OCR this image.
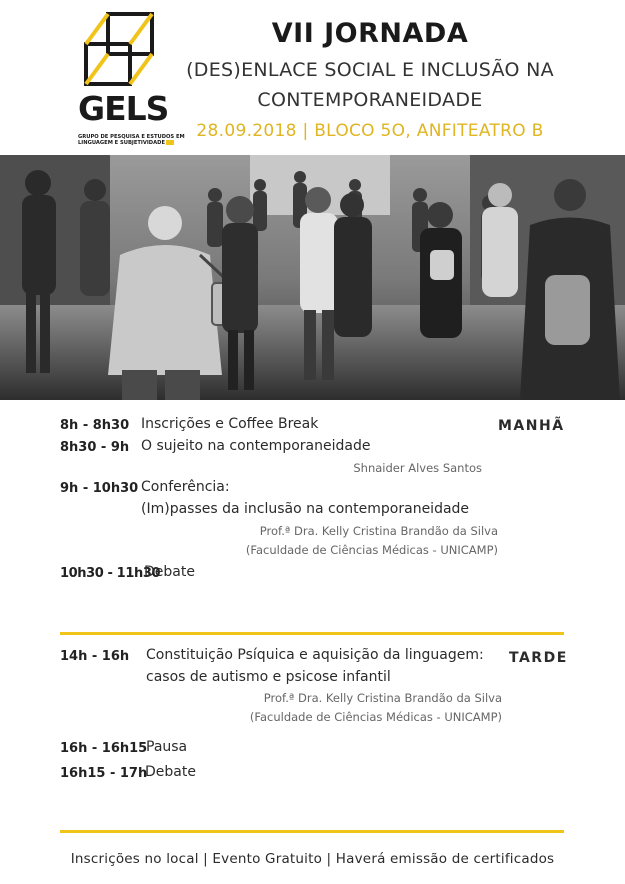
GELS
GRUPO DE PESQUISA E ESTUDOS EM
LINGUAGEM E SUBJETIVIDADE
VII JORNADA
(DES)ENLACE SOCIAL E INCLUSÃO NA
CONTEMPORANEIDADE
28.09.2018 | BLOCO 5O, ANFITEATRO B
MANHÃ
8h - 8h30 Inscrições e Coffee Break
8h30 - 9h O sujeito na contemporaneidade
Shnaider Alves Santos
9h - 10h30 Conferência:
(Im)passes da inclusão na contemporaneidade
Prof.ª Dra. Kelly Cristina Brandão da Silva
(Faculdade de Ciências Médicas - UNICAMP)
10h30 - 11h30
Debate
TARDE
14h - 16h Constituição Psíquica e aquisição da linguagem:
casos de autismo e psicose infantil
Prof.ª Dra. Kelly Cristina Brandão da Silva
(Faculdade de Ciências Médicas - UNICAMP)
16h - 16h15
Pausa
16h15 - 17h
Debate
Inscrições no local | Evento Gratuito | Haverá emissão de certificados
